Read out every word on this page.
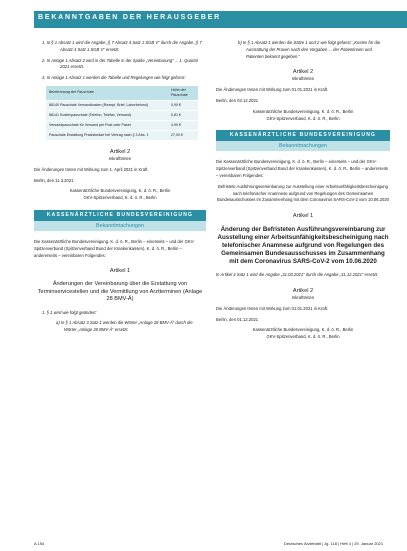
BEKANNTGABEN DER HERAUSGEBER
1. In § 1 Absatz 1 wird die Angabe „§ 7 Absatz 4 Satz 1 SGB V“ durch die Angabe „§ 7 Absatz 4 Satz 1 SGB V“ ersetzt.
2. In Anlage 1 Absatz 2 wird in der Tabelle in der Spalte „Vereinbarung“ ... 1. Quartal 2021 ersetzt.
3. In Anlage 1 Absatz 1 werden die Tabelle und Regelungen wie folgt gefasst:
Bezeichnung der Pauschale	Höhe der Pauschale
88140 Pauschale Versandkosten (Rezept, Brief, Laborbefund)	0,90 €
88141 Kostenpauschale (Telefon, Telefax, Versand)	0,81 €
Versandpauschale für Versand per Post oder Paket	4,90 €
Pauschale Erstattung Praxisbedarf bei Vertrag nach § 3 Abs. 1	27,00 €
Artikel 2
Inkrafttreten
Die Änderungen treten mit Wirkung zum 1. April 2021 in Kraft.
Berlin, den 11.3.2021
Kassenärztliche Bundesvereinigung, K. d. ö. R., Berlin
GKV-Spitzenverband, K. d. ö. R., Berlin
KASSENÄRZTLICHE BUNDESVEREINIGUNG
Bekanntmachungen
Die Kassenärztliche Bundesvereinigung, K. d. ö. R., Berlin – einerseits – und der GKV-Spitzenverband (Spitzenverband Bund der Krankenkassen), K. d. ö. R., Berlin – andererseits – vereinbaren Folgendes:
Artikel 1
Änderungen der Vereinbarung über die Erstattung von Terminservicestellen und die Vermittlung von Arztterminen (Anlage 28 BMV-Ä)
1. § 1 wird wie folgt geändert:
a) In § 1 Absatz 3 Satz 1 werden die Wörter „Anlage 28 BMV-Ä“ durch die Wörter „Anlage 28 BMV-Ä“ ersetzt.
b) In § 1 Absatz 1 werden die Sätze 1 und 2 wie folgt gefasst: „Kosten für die Ausstattung der Praxen nach den Vorgaben ... der Patientinnen und Patienten bekannt gegeben.“
Artikel 2
Inkrafttreten
Die Änderungen treten mit Wirkung zum 01.01.2021 in Kraft.
Berlin, den 03.12.2021
Kassenärztliche Bundesvereinigung, K. d. ö. R., Berlin
GKV-Spitzenverband, K. d. ö. R., Berlin
KASSENÄRZTLICHE BUNDESVEREINIGUNG
Bekanntmachungen
Die Kassenärztliche Bundesvereinigung, K. d. ö. R., Berlin – einerseits – und der GKV-Spitzenverband (Spitzenverband Bund der Krankenkassen), K. d. ö. R., Berlin – andererseits – vereinbaren Folgendes:
Befristete Ausführungsvereinbarung zur Ausstellung einer Arbeitsunfähigkeitsbescheinigung nach telefonischer Anamnese aufgrund von Regelungen des Gemeinsamen Bundesausschusses im Zusammenhang mit dem Coronavirus SARS-CoV-2 vom 10.06.2020
Artikel 1
Änderung der Befristeten Ausführungsvereinbarung zur Ausstellung einer Arbeitsunfähigkeitsbescheinigung nach telefonischer Anamnese aufgrund von Regelungen des Gemeinsamen Bundesausschusses im Zusammenhang mit dem Coronavirus SARS-CoV-2 vom 10.06.2020
In Artikel 4 Satz 1 wird die Angabe „31.03.2021“ durch die Angabe „31.12.2021“ ersetzt.
Artikel 2
Inkrafttreten
Die Änderungen treten mit Wirkung zum 01.01.2021 in Kraft.
Berlin, den 01.12.2021
Kassenärztliche Bundesvereinigung, K. d. ö. R., Berlin
GKV-Spitzenverband, K. d. ö. R., Berlin
A 154	Deutsches Ärzteblatt | Jg. 118 | Heft 4 | 29. Januar 2021
